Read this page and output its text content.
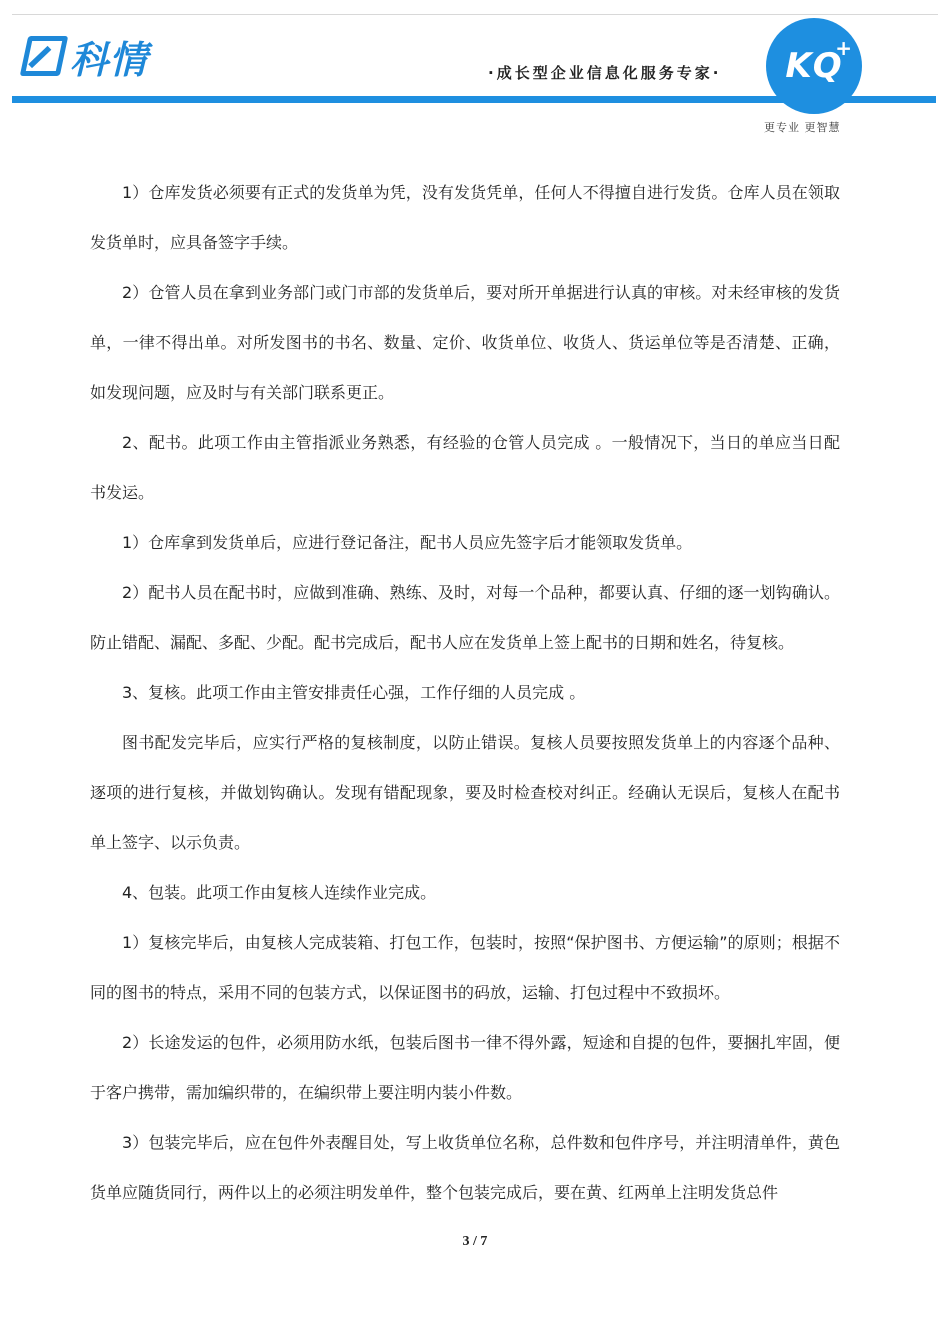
科情	·成长型企业信息化服务专家· KQ
+
更专业 更智慧

1）仓库发货必须要有正式的发货单为凭，没有发货凭单，任何人不得擅自进行发货。仓库人员在领取发货单时，应具备签字手续。

2）仓管人员在拿到业务部门或门市部的发货单后，要对所开单据进行认真的审核。对未经审核的发货单，一律不得出单。对所发图书的书名、数量、定价、收货单位、收货人、货运单位等是否清楚、正确，如发现问题，应及时与有关部门联系更正。

2、配书。此项工作由主管指派业务熟悉，有经验的仓管人员完成 。一般情况下，当日的单应当日配书发运。

1）仓库拿到发货单后，应进行登记备注，配书人员应先签字后才能领取发货单。

2）配书人员在配书时，应做到准确、熟练、及时，对每一个品种，都要认真、仔细的逐一划钩确认。防止错配、漏配、多配、少配。配书完成后，配书人应在发货单上签上配书的日期和姓名，待复核。

3、复核。此项工作由主管安排责任心强，工作仔细的人员完成 。

图书配发完毕后，应实行严格的复核制度，以防止错误。复核人员要按照发货单上的内容逐个品种、逐项的进行复核，并做划钩确认。发现有错配现象，要及时检查校对纠正。经确认无误后，复核人在配书单上签字、以示负责。

4、包装。此项工作由复核人连续作业完成。

1）复核完毕后，由复核人完成装箱、打包工作，包装时，按照“保护图书、方便运输”的原则；根据不同的图书的特点，采用不同的包装方式，以保证图书的码放，运输、打包过程中不致损坏。

2）长途发运的包件，必须用防水纸，包装后图书一律不得外露，短途和自提的包件，要捆扎牢固，便于客户携带，需加编织带的，在编织带上要注明内装小件数。

3）包装完毕后，应在包件外表醒目处，写上收货单位名称，总件数和包件序号，并注明清单件，黄色货单应随货同行，两件以上的必须注明发单件，整个包装完成后，要在黄、红两单上注明发货总件

3 / 7
